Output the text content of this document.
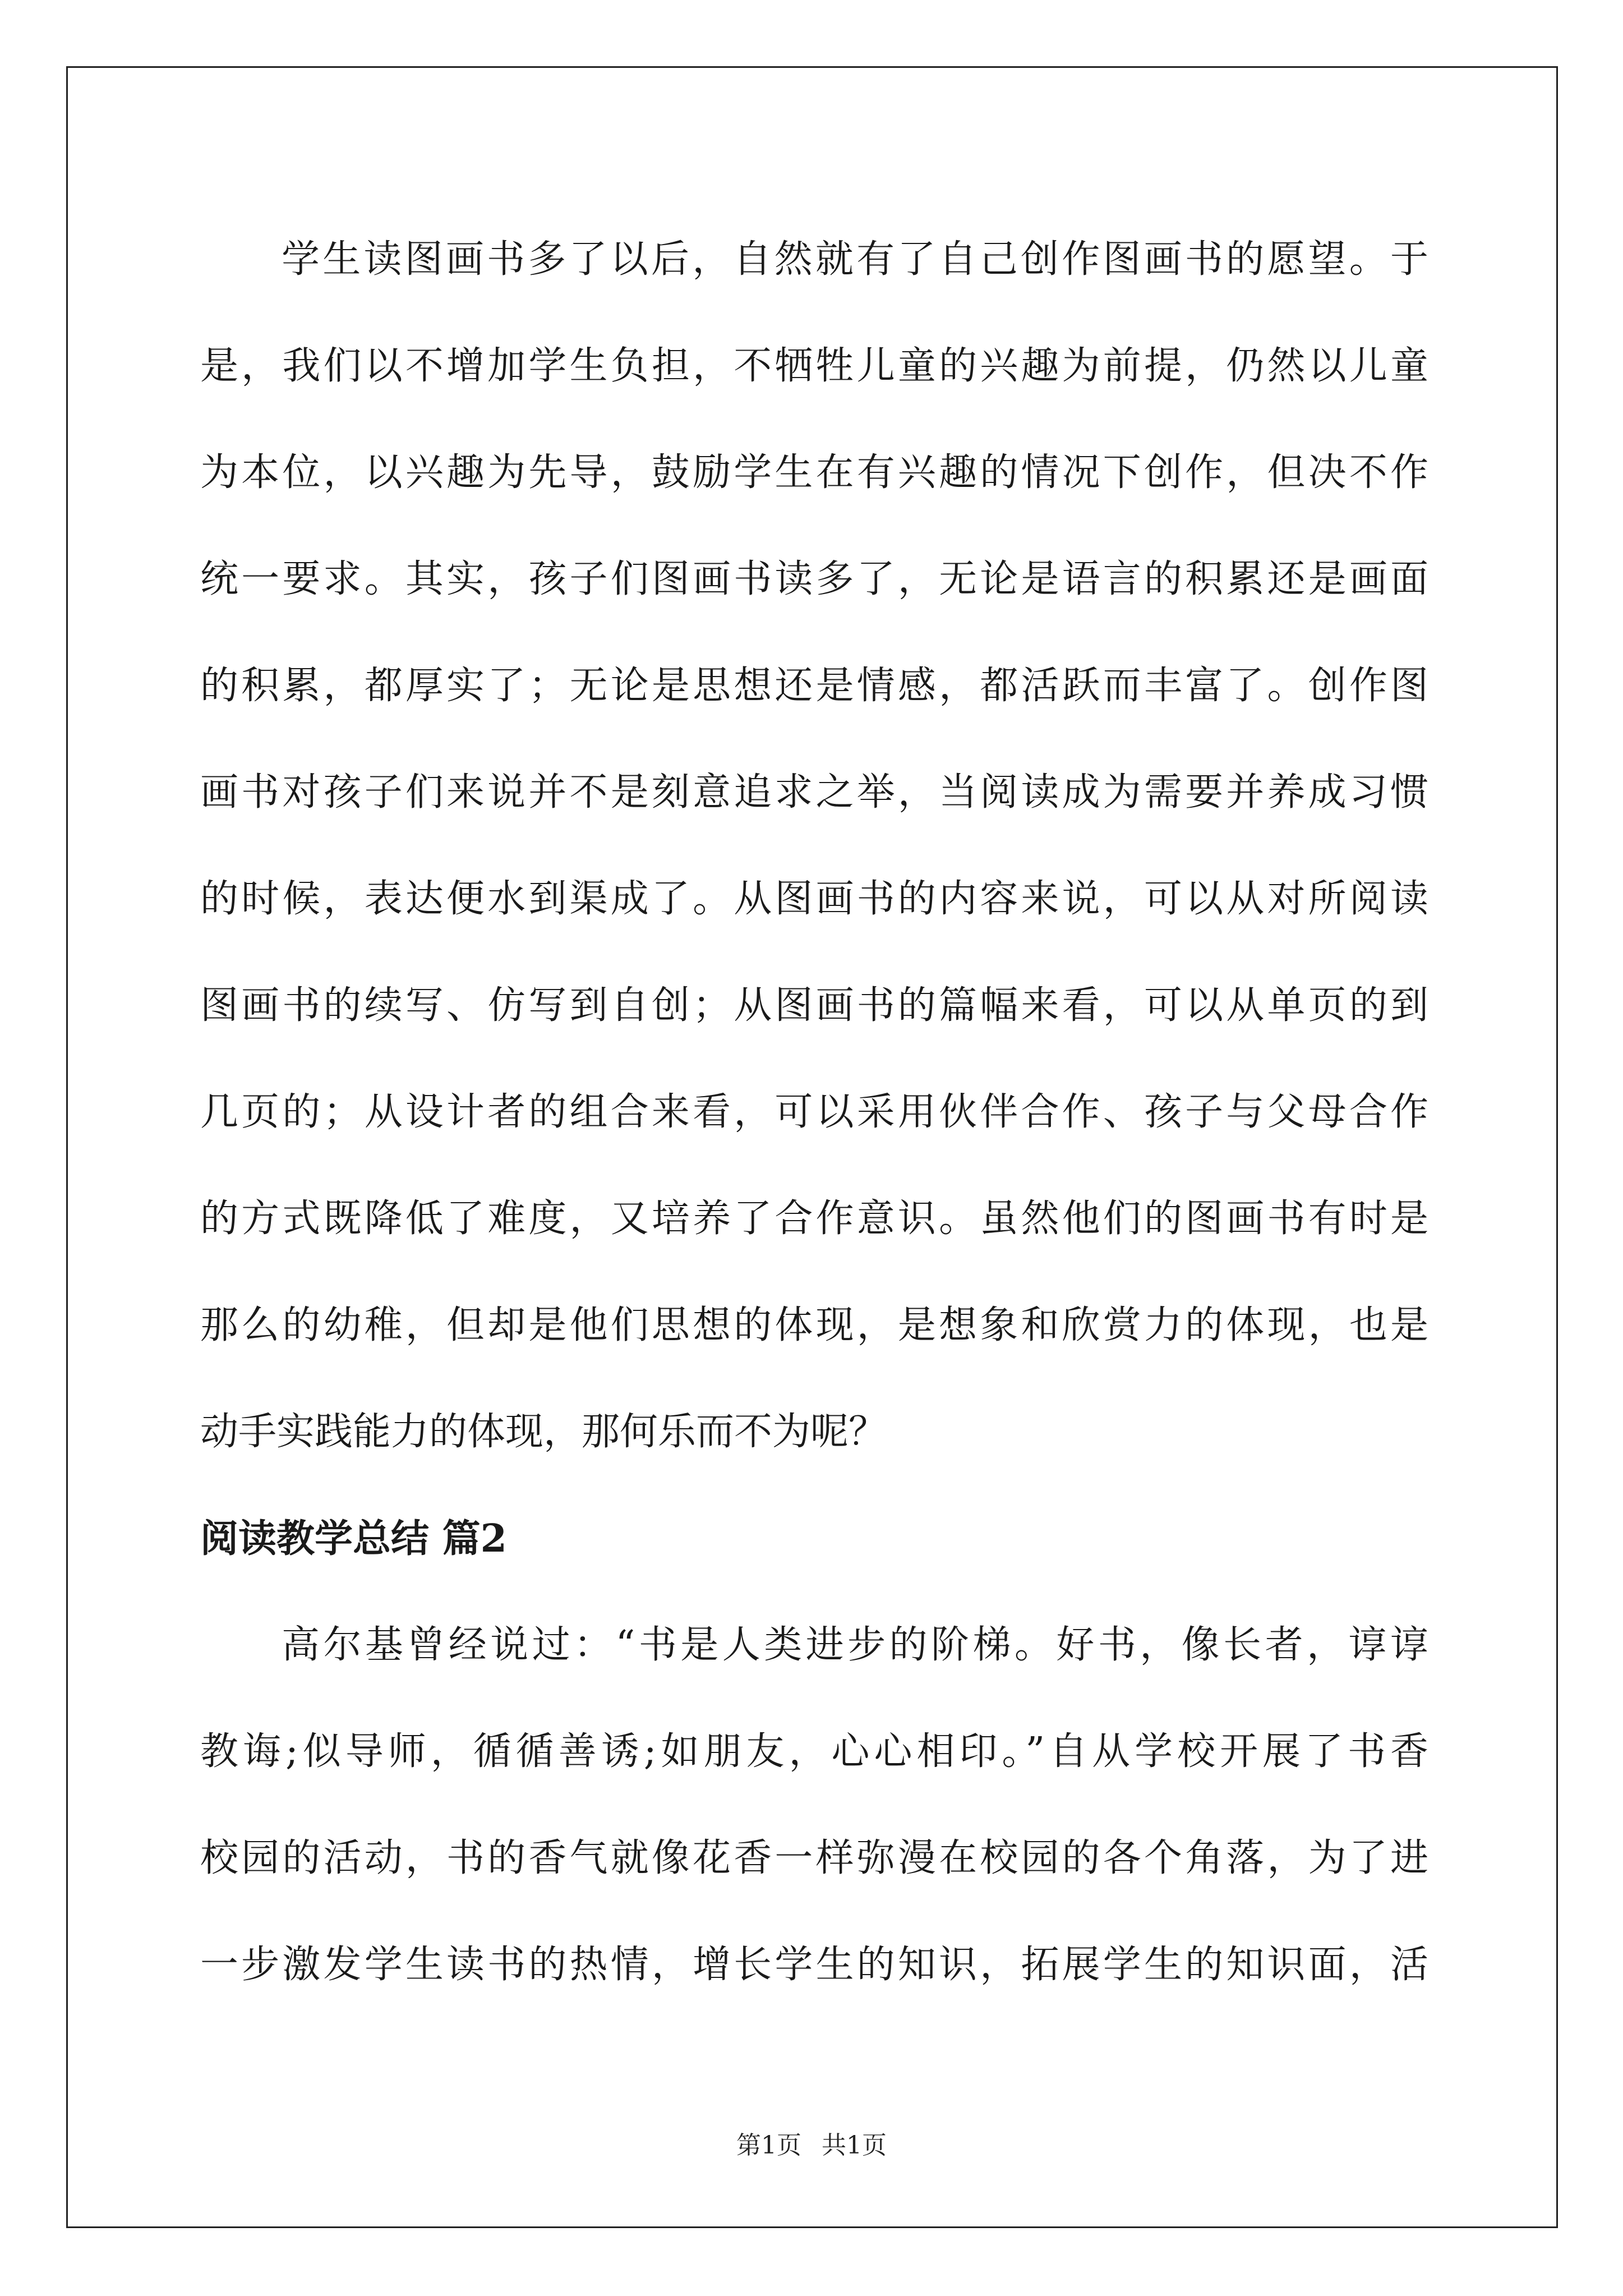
学生读图画书多了以后，自然就有了自己创作图画书的愿望。于

是，我们以不增加学生负担，不牺牲儿童的兴趣为前提，仍然以儿童

为本位，以兴趣为先导，鼓励学生在有兴趣的情况下创作，但决不作

统一要求。其实，孩子们图画书读多了，无论是语言的积累还是画面

的积累，都厚实了；无论是思想还是情感，都活跃而丰富了。创作图

画书对孩子们来说并不是刻意追求之举，当阅读成为需要并养成习惯

的时候，表达便水到渠成了。从图画书的内容来说，可以从对所阅读

图画书的续写、仿写到自创；从图画书的篇幅来看，可以从单页的到

几页的；从设计者的组合来看，可以采用伙伴合作、孩子与父母合作

的方式既降低了难度，又培养了合作意识。虽然他们的图画书有时是

那么的幼稚，但却是他们思想的体现，是想象和欣赏力的体现，也是

动手实践能力的体现，那何乐而不为呢？

阅读教学总结 篇2

高尔基曾经说过：“书是人类进步的阶梯。好书，像长者，谆谆

教诲;似导师，循循善诱;如朋友，心心相印。”自从学校开展了书香

校园的活动，书的香气就像花香一样弥漫在校园的各个角落，为了进

一步激发学生读书的热情，增长学生的知识，拓展学生的知识面，活

第1页 共1页
